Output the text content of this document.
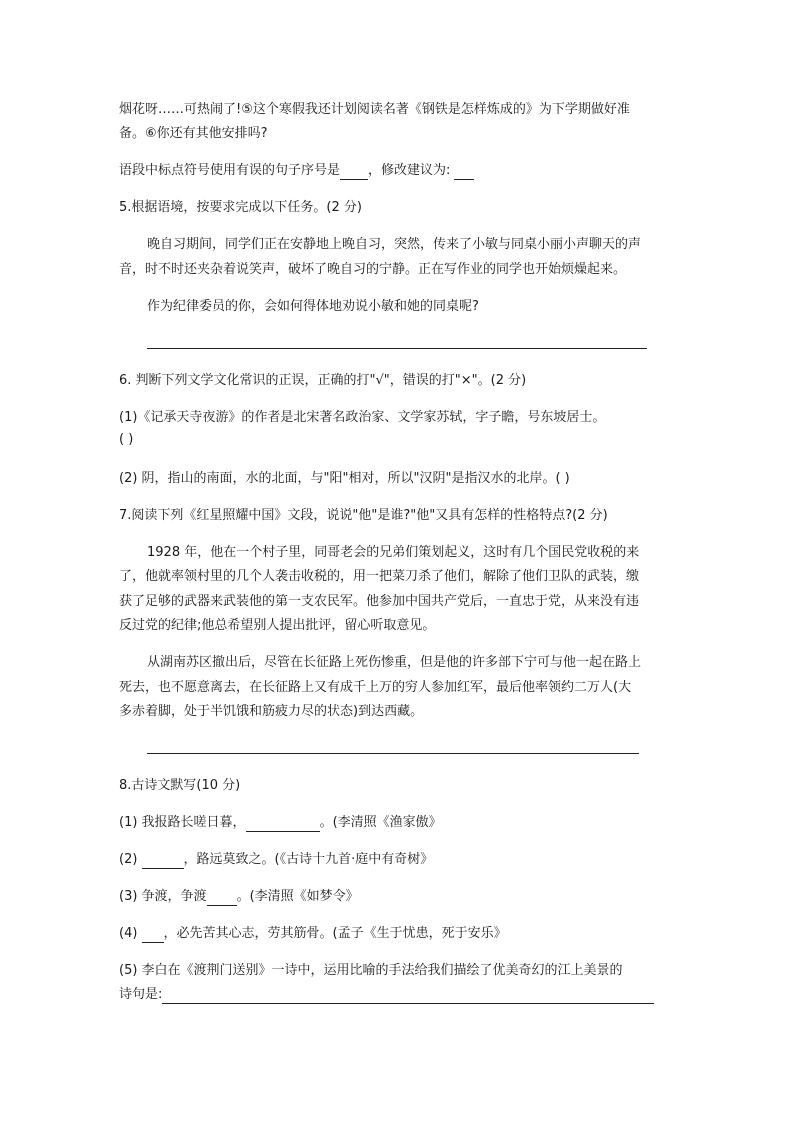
烟花呀……可热闹了!⑤这个寒假我还计划阅读名著《钢铁是怎样炼成的》为下学期做好准
备。⑥你还有其他安排吗?
语段中标点符号使用有误的句子序号是 ，修改建议为:
5.根据语境，按要求完成以下任务。(2 分)
晚自习期间，同学们正在安静地上晚自习，突然，传来了小敏与同桌小丽小声聊天的声
音，时不时还夹杂着说笑声，破坏了晚自习的宁静。正在写作业的同学也开始烦燥起来。
作为纪律委员的你，会如何得体地劝说小敏和她的同桌呢?
6. 判断下列文学文化常识的正误，正确的打"√"，错误的打"×"。(2 分)
(1)《记承天寺夜游》的作者是北宋著名政治家、文学家苏轼，字子瞻，号东坡居士。
( )
(2) 阴，指山的南面，水的北面，与"阳"相对，所以"汉阴"是指汉水的北岸。( )
7.阅读下列《红星照耀中国》文段，说说"他"是谁?"他"又具有怎样的性格特点?(2 分)
1928 年，他在一个村子里，同哥老会的兄弟们策划起义，这时有几个国民党收税的来
了，他就率领村里的几个人袭击收税的，用一把菜刀杀了他们，解除了他们卫队的武装，缴
获了足够的武器来武装他的第一支农民军。他参加中国共产党后，一直忠于党，从来没有违
反过党的纪律;他总希望别人提出批评，留心听取意见。
从湖南苏区撤出后，尽管在长征路上死伤惨重，但是他的许多部下宁可与他一起在路上
死去，也不愿意离去，在长征路上又有成千上万的穷人参加红军，最后他率领约二万人(大
多赤着脚，处于半饥饿和筋疲力尽的状态)到达西藏。
8.古诗文默写(10 分)
(1) 我报路长嗟日暮，	。(李清照《渔家傲》
(2)	，路远莫致之。(《古诗十九首·庭中有奇树》
(3) 争渡，争渡 。(李清照《如梦令》
(4) ，必先苦其心志，劳其筋骨。(孟子《生于忧患，死于安乐》
(5) 李白在《渡荆门送别》一诗中，运用比喻的手法给我们描绘了优美奇幻的江上美景的
诗句是:
